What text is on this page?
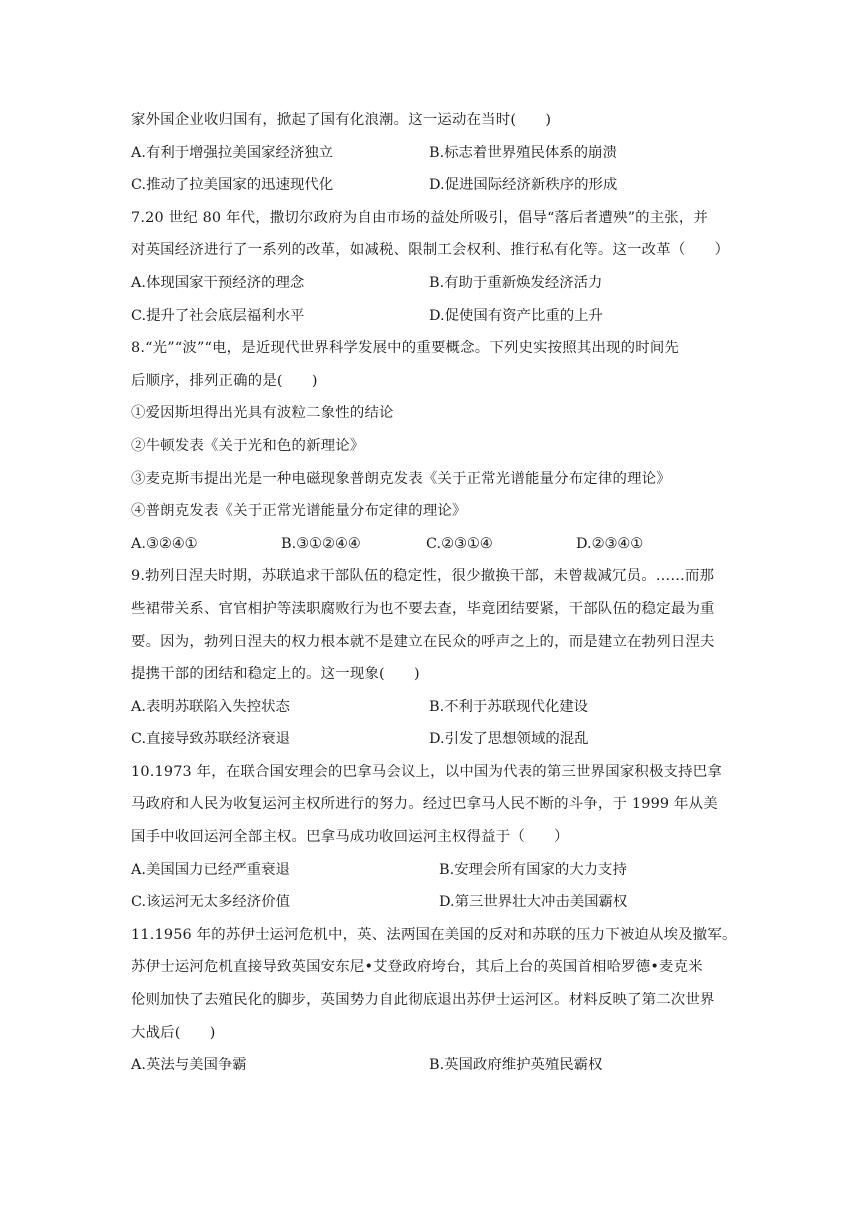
家外国企业收归国有，掀起了国有化浪潮。这一运动在当时(　　)
A.有利于增强拉美国家经济独立	B.标志着世界殖民体系的崩溃
C.推动了拉美国家的迅速现代化	D.促进国际经济新秩序的形成
7.20 世纪 80 年代，撒切尔政府为自由市场的益处所吸引，倡导“落后者遭殃”的主张，并
对英国经济进行了一系列的改革，如减税、限制工会权利、推行私有化等。这一改革（　　）
A.体现国家干预经济的理念	B.有助于重新焕发经济活力
C.提升了社会底层福利水平	D.促使国有资产比重的上升
8.“光”“波”“电，是近现代世界科学发展中的重要概念。下列史实按照其出现的时间先
后顺序，排列正确的是(　　)
①爱因斯坦得出光具有波粒二象性的结论
②牛顿发表《关于光和色的新理论》
③麦克斯韦提出光是一种电磁现象普朗克发表《关于正常光谱能量分布定律的理论》
④普朗克发表《关于正常光谱能量分布定律的理论》
A.③②④①	B.③①②④④	C.②③①④	D.②③④①
9.勃列日涅夫时期，苏联追求干部队伍的稳定性，很少撤换干部，未曾裁减冗员。……而那
些裙带关系、官官相护等渎职腐败行为也不要去查，毕竟团结要紧，干部队伍的稳定最为重
要。因为，勃列日涅夫的权力根本就不是建立在民众的呼声之上的，而是建立在勃列日涅夫
提携干部的团结和稳定上的。这一现象(　　)
A.表明苏联陷入失控状态	B.不利于苏联现代化建设
C.直接导致苏联经济衰退	D.引发了思想领域的混乱
10.1973 年，在联合国安理会的巴拿马会议上，以中国为代表的第三世界国家积极支持巴拿
马政府和人民为收复运河主权所进行的努力。经过巴拿马人民不断的斗争，于 1999 年从美
国手中收回运河全部主权。巴拿马成功收回运河主权得益于（　　）
A.美国国力已经严重衰退	B.安理会所有国家的大力支持
C.该运河无太多经济价值	D.第三世界壮大冲击美国霸权
11.1956 年的苏伊士运河危机中，英、法两国在美国的反对和苏联的压力下被迫从埃及撤军。
苏伊士运河危机直接导致英国安东尼•艾登政府垮台，其后上台的英国首相哈罗德•麦克米
伦则加快了去殖民化的脚步，英国势力自此彻底退出苏伊士运河区。材料反映了第二次世界
大战后(　　)
A.英法与美国争霸	B.英国政府维护英殖民霸权
